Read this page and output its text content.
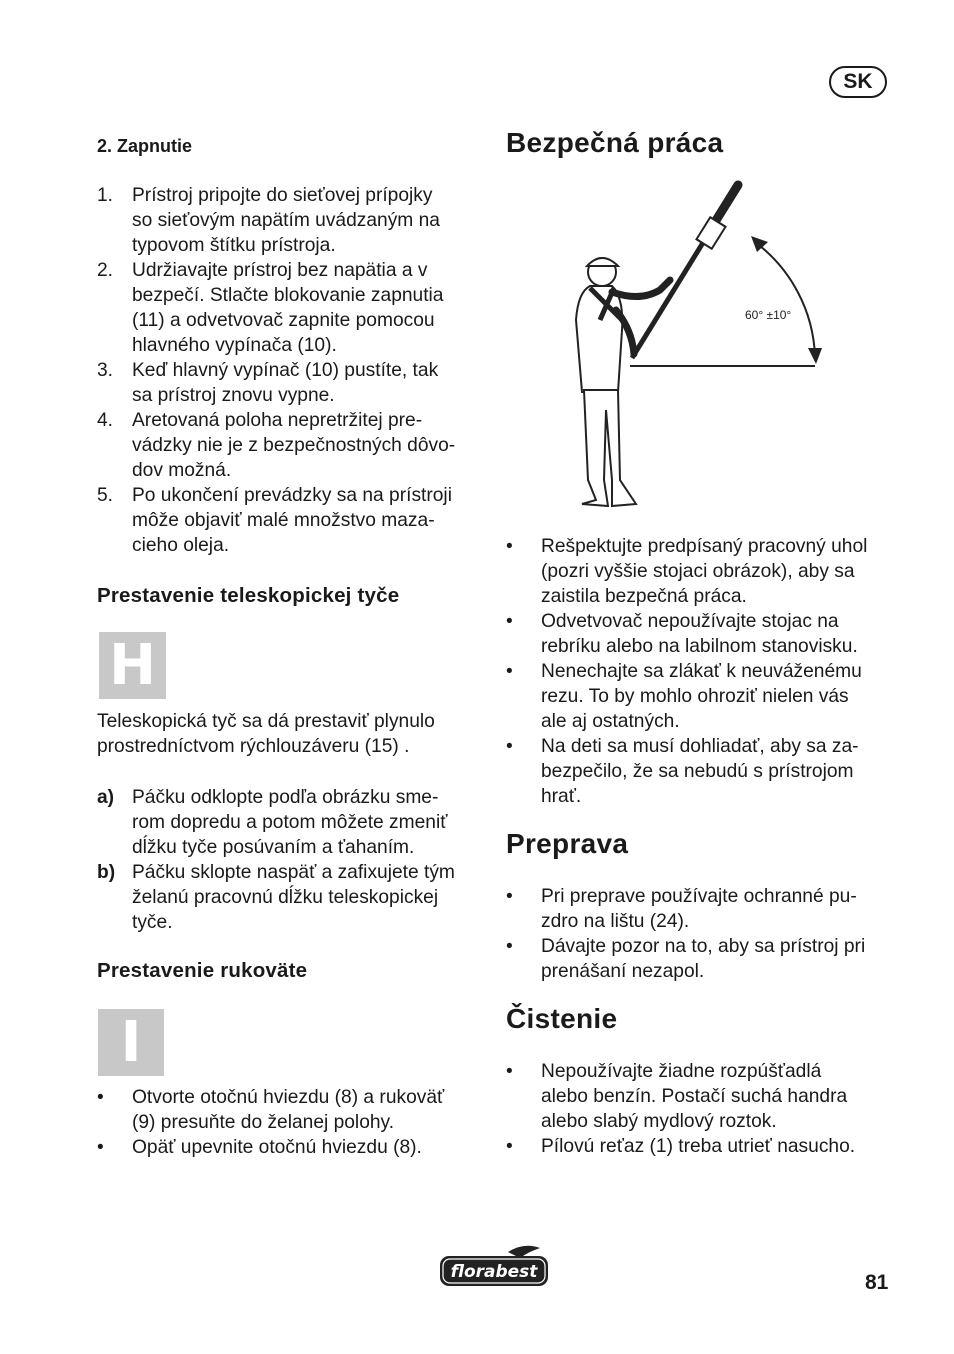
SK
2. Zapnutie
1. Prístroj pripojte do sieťovej prípojky
so sieťovým napätím uvádzaným na
typovom štítku prístroja.
2. Udržiavajte prístroj bez napätia a v
bezpečí. Stlačte blokovanie zapnutia
(11) a odvetvovač zapnite pomocou
hlavného vypínača (10).
3. Keď hlavný vypínač (10) pustíte, tak
sa prístroj znovu vypne.
4. Aretovaná poloha nepretržitej pre-
vádzky nie je z bezpečnostných dôvo-
dov možná.
5. Po ukončení prevádzky sa na prístroji
môže objaviť malé množstvo maza-
cieho oleja.
Prestavenie teleskopickej tyče
H
Teleskopická tyč sa dá prestaviť plynulo
prostredníctvom rýchlouzáveru (15) .
a) Páčku odklopte podľa obrázku sme-
rom dopredu a potom môžete zmeniť
dĺžku tyče posúvaním a ťahaním.
b) Páčku sklopte naspäť a zafixujete tým
želanú pracovnú dĺžku teleskopickej
tyče.
Prestavenie rukoväte
I
• Otvorte otočnú hviezdu (8) a rukoväť
(9) presuňte do želanej polohy.
• Opäť upevnite otočnú hviezdu (8).
Bezpečná práca
60° ±10°
• Rešpektujte predpísaný pracovný uhol
(pozri vyššie stojaci obrázok), aby sa
zaistila bezpečná práca.
• Odvetvovač nepoužívajte stojac na
rebríku alebo na labilnom stanovisku.
• Nenechajte sa zlákať k neuváženému
rezu. To by mohlo ohroziť nielen vás
ale aj ostatných.
• Na deti sa musí dohliadať, aby sa za-
bezpečilo, že sa nebudú s prístrojom
hrať.
Preprava
• Pri preprave používajte ochranné pu-
zdro na lištu (24).
• Dávajte pozor na to, aby sa prístroj pri
prenášaní nezapol.
Čistenie
• Nepoužívajte žiadne rozpúšťadlá
alebo benzín. Postačí suchá handra
alebo slabý mydlový roztok.
• Pílovú reťaz (1) treba utrieť nasucho.
florabest	81
